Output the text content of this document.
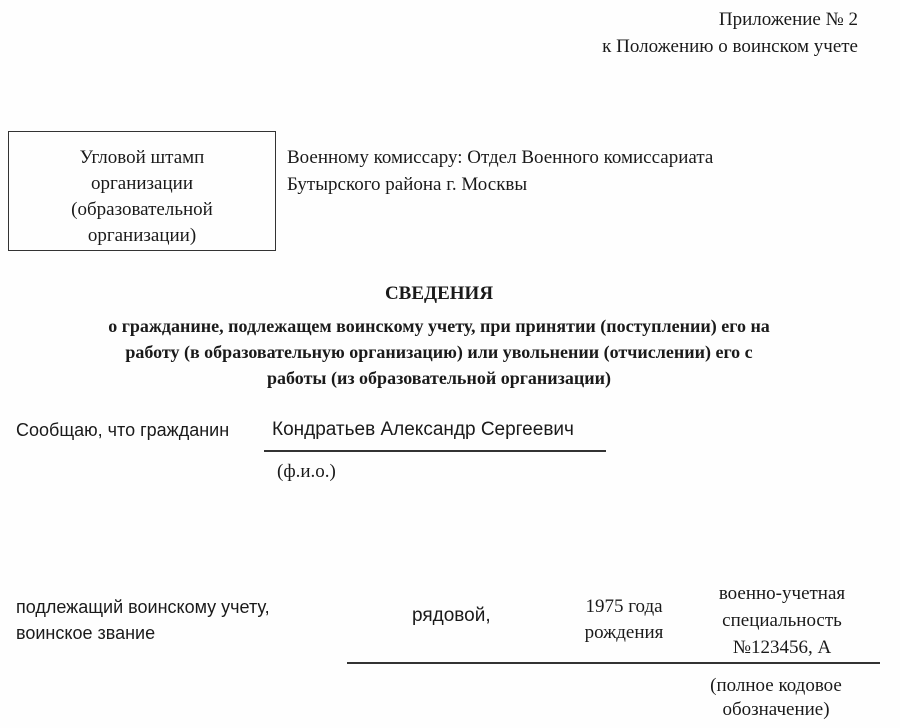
Приложение № 2
к Положению о воинском учете
Угловой штамп
организации
(образовательной
организации)
Военному комиссару: Отдел Военного комиссариата
Бутырского района г. Москвы
СВЕДЕНИЯ
о гражданине, подлежащем воинскому учету, при принятии (поступлении) его на
работу (в образовательную организацию) или увольнении (отчислении) его с
работы (из образовательной организации)
Сообщаю, что гражданин Кондратьев Александр Сергеевич
(ф.и.о.)
подлежащий воинскому учету,
воинское звание
рядовой,	1975 года
рождения
военно-учетная
специальность
№123456, А
(полное кодовое
обозначение)
